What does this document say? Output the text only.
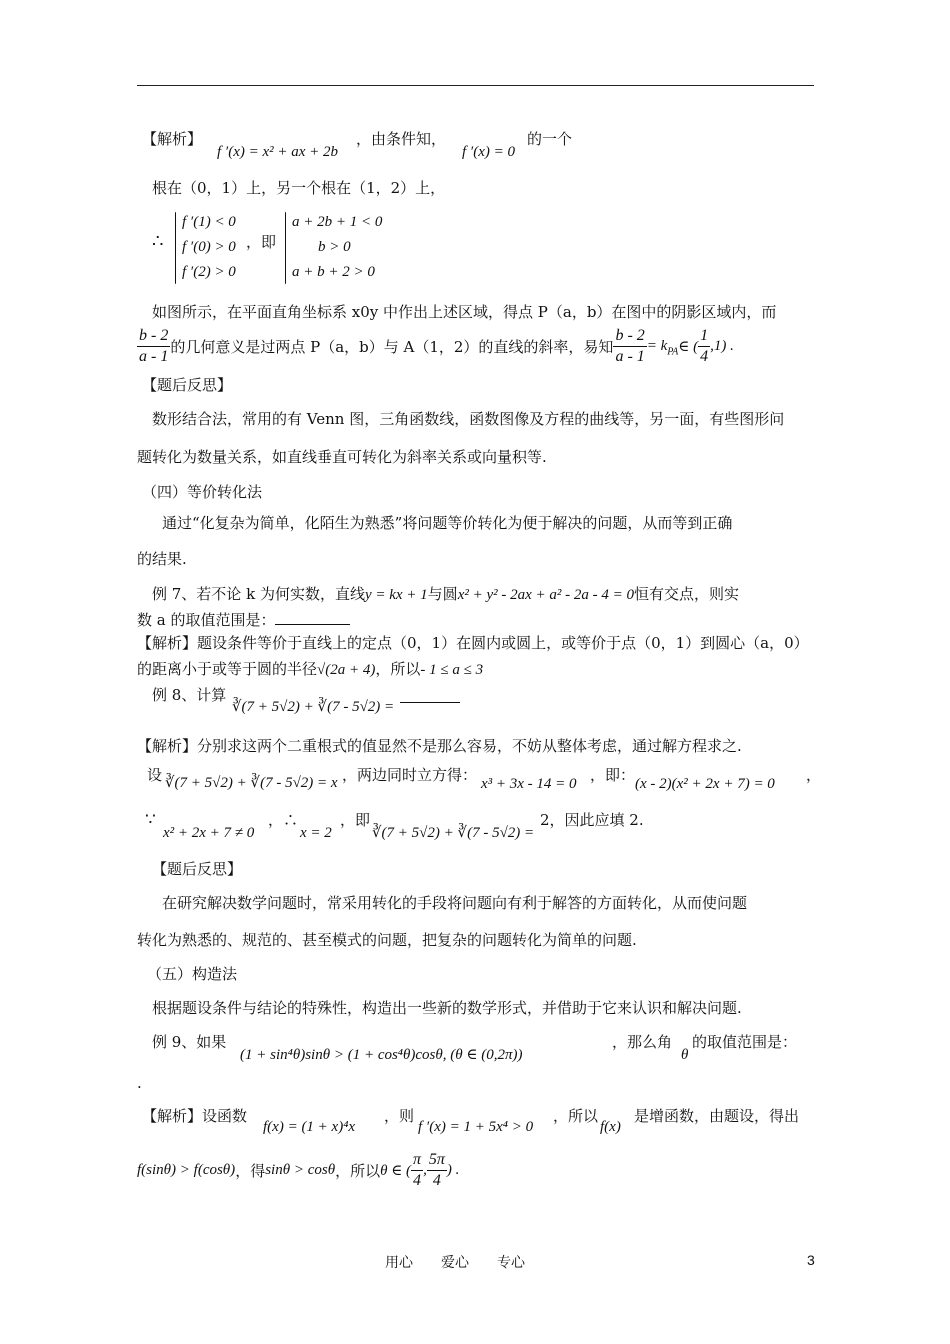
【解析】
f ′(x) = x² + ax + 2b
，由条件知，
f ′(x) = 0
的一个
根在（0，1）上，另一个根在（1，2）上，
∴
f ′(1) < 0
f ′(0) > 0
f ′(2) > 0
，即
a + 2b + 1 < 0
b > 0
a + b + 2 > 0
如图所示，在平面直角坐标系 x0y 中作出上述区域，得点 P（a，b）在图中的阴影区域内，而
$\frac{b - 2}{a - 1}$ 的几何意义是过两点 P（a，b）与 A（1，2）的直线的斜率，易知 $\frac{b - 2}{a - 1}$ = $k_{PA}\in$ ( $\frac{1}{4} ,1$) .
【题后反思】
数形结合法，常用的有 Venn 图，三角函数线，函数图像及方程的曲线等，另一面，有些图形问
题转化为数量关系，如直线垂直可转化为斜率关系或向量积等.
（四）等价转化法
通过“化复杂为简单，化陌生为熟悉”将问题等价转化为便于解决的问题，从而等到正确
的结果.
例 7、若不论 k 为何实数，直线y = kx + 1与圆x² + y² - 2ax + a² - 2a - 4 = 0恒有交点，则实
数 a 的取值范围是：
【解析】题设条件等价于直线上的定点（0，1）在圆内或圆上，或等价于点（0，1）到圆心（a，0）
的距离小于或等于圆的半径√(2a + 4)，所以- 1 ≤ a ≤ 3
例 8、计算
∛(7 + 5√2) + ∛(7 - 5√2) =
【解析】分别求这两个二重根式的值显然不是那么容易，不妨从整体考虑，通过解方程求之.
设 ∛(7 + 5√2) + ∛(7 - 5√2) = x ，两边同时立方得： x³ + 3x - 14 = 0 ，即： (x - 2)(x² + 2x + 7) = 0 ，
∵
x² + 2x + 7 ≠ 0
，∴
x = 2
，即
∛(7 + 5√2) + ∛(7 - 5√2) =
2，因此应填 2.
【题后反思】
在研究解决数学问题时，常采用转化的手段将问题向有利于解答的方面转化，从而使问题
转化为熟悉的、规范的、甚至模式的问题，把复杂的问题转化为简单的问题.
（五）构造法
根据题设条件与结论的特殊性，构造出一些新的数学形式，并借助于它来认识和解决问题.
例 9、如果
(1 + sin⁴θ)sinθ > (1 + cos⁴θ)cosθ, (θ ∈ (0,2π))
，那么角
θ
的取值范围是：
.
【解析】设函数
f(x) = (1 + x)⁴x
，则
f ′(x) = 1 + 5x⁴ > 0
，所以
f(x)
是增函数，由题设，得出
f(sinθ) > f(cosθ)，得sinθ > cosθ，所以θ ∈ ( $\frac{\pi}{4}$ , $\frac{5\pi}{4}$ ) .
用心　　爱心　　专心	3
